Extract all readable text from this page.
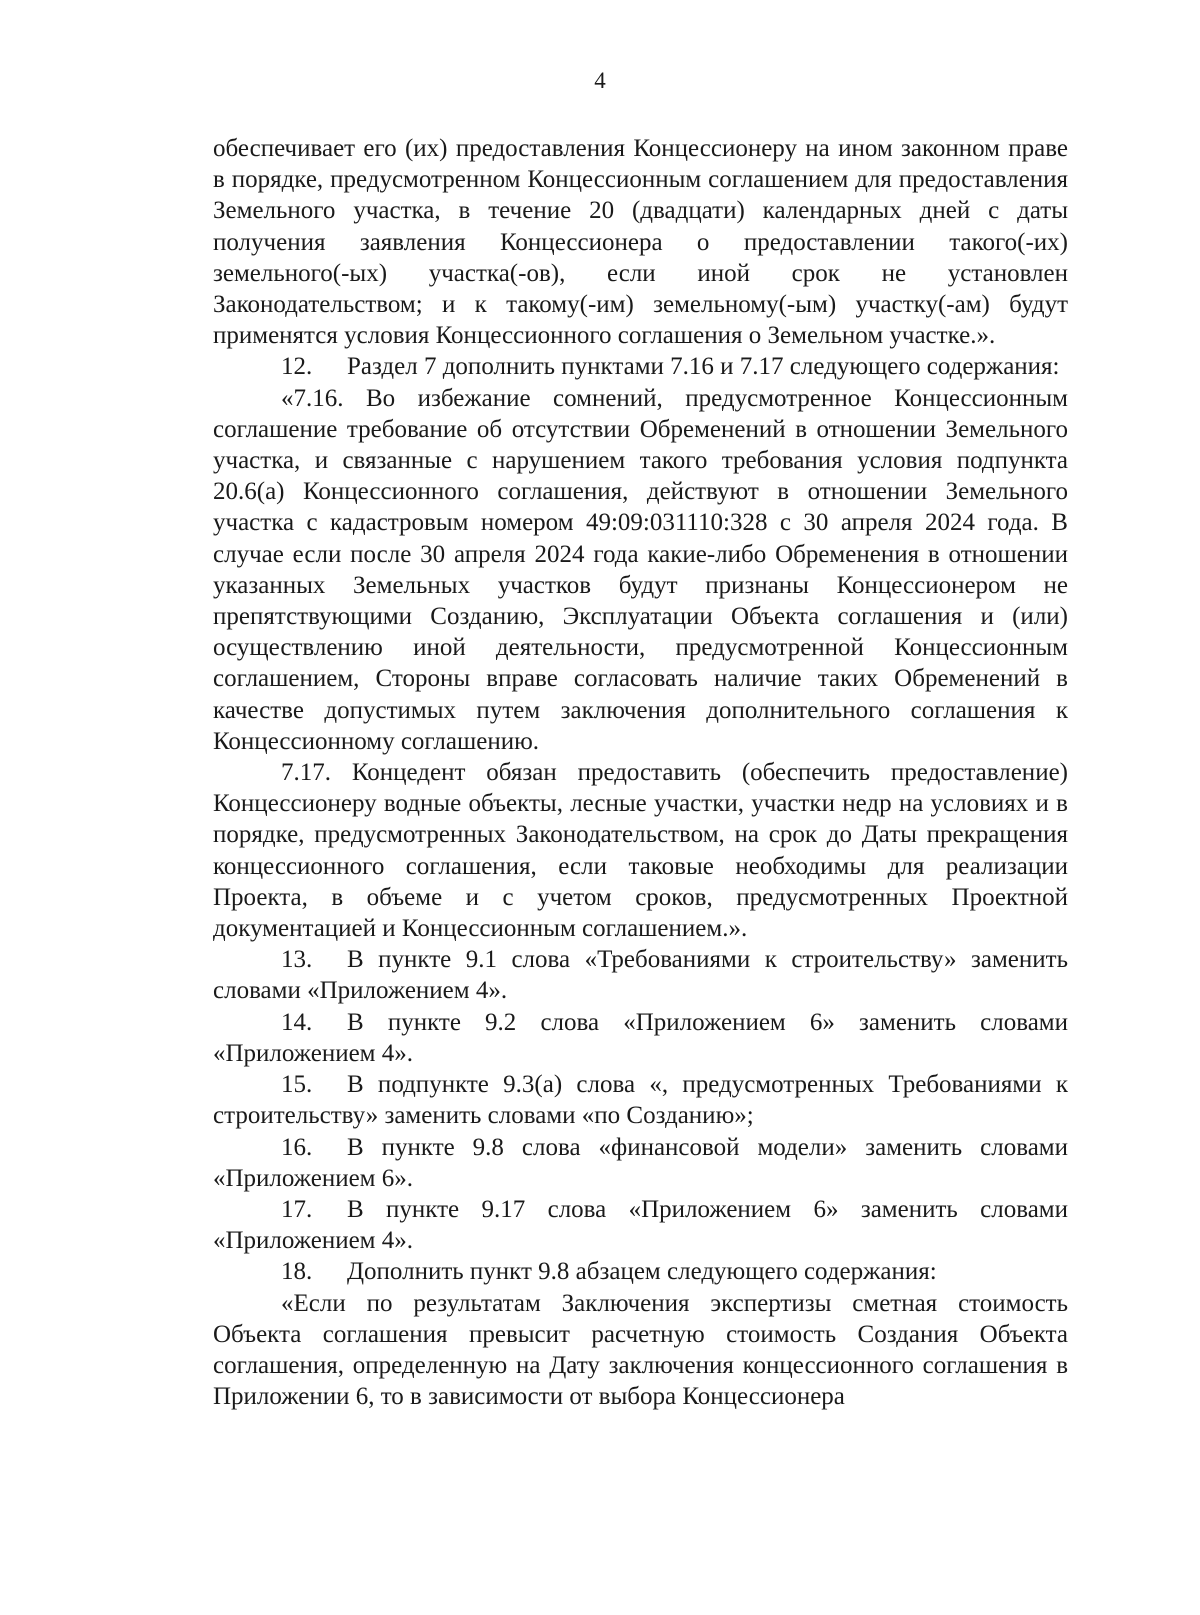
4

обеспечивает его (их) предоставления Концессионеру на ином законном праве в порядке, предусмотренном Концессионным соглашением для предоставления Земельного участка, в течение 20 (двадцати) календарных дней с даты получения заявления Концессионера о предоставлении такого(-их) земельного(-ых) участка(-ов), если иной срок не установлен Законодательством; и к такому(-им) земельному(-ым) участку(-ам) будут применятся условия Концессионного соглашения о Земельном участке.».

12. Раздел 7 дополнить пунктами 7.16 и 7.17 следующего содержания:

«7.16. Во избежание сомнений, предусмотренное Концессионным соглашение требование об отсутствии Обременений в отношении Земельного участка, и связанные с нарушением такого требования условия подпункта 20.6(а) Концессионного соглашения, действуют в отношении Земельного участка с кадастровым номером 49:09:031110:328 с 30 апреля 2024 года. В случае если после 30 апреля 2024 года какие-либо Обременения в отношении указанных Земельных участков будут признаны Концессионером не препятствующими Созданию, Эксплуатации Объекта соглашения и (или) осуществлению иной деятельности, предусмотренной Концессионным соглашением, Стороны вправе согласовать наличие таких Обременений в качестве допустимых путем заключения дополнительного соглашения к Концессионному соглашению.

7.17. Концедент обязан предоставить (обеспечить предоставление) Концессионеру водные объекты, лесные участки, участки недр на условиях и в порядке, предусмотренных Законодательством, на срок до Даты прекращения концессионного соглашения, если таковые необходимы для реализации Проекта, в объеме и с учетом сроков, предусмотренных Проектной документацией и Концессионным соглашением.».

13. В пункте 9.1 слова «Требованиями к строительству» заменить словами «Приложением 4».

14. В пункте 9.2 слова «Приложением 6» заменить словами «Приложением 4».

15. В подпункте 9.3(а) слова «, предусмотренных Требованиями к строительству» заменить словами «по Созданию»;

16. В пункте 9.8 слова «финансовой модели» заменить словами «Приложением 6».

17. В пункте 9.17 слова «Приложением 6» заменить словами «Приложением 4».

18. Дополнить пункт 9.8 абзацем следующего содержания:

«Если по результатам Заключения экспертизы сметная стоимость Объекта соглашения превысит расчетную стоимость Создания Объекта соглашения, определенную на Дату заключения концессионного соглашения в Приложении 6, то в зависимости от выбора Концессионера
